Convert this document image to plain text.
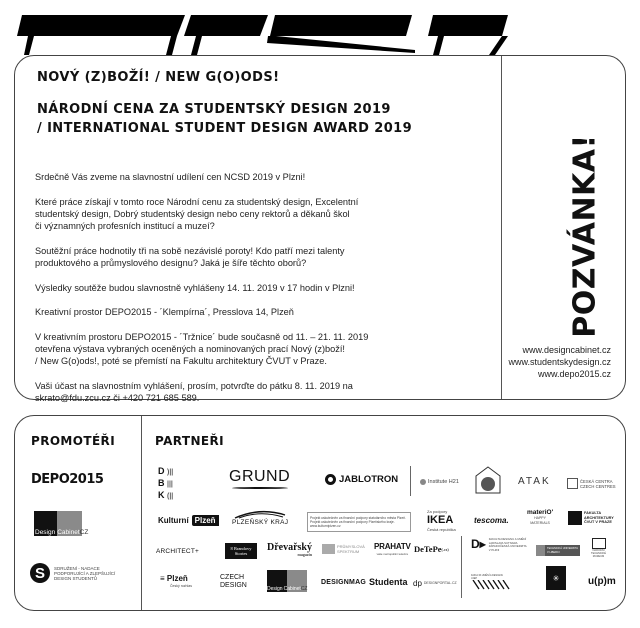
NOVÝ (Z)BOŽÍ! / NEW G(O)ODS!
NÁRODNÍ CENA ZA STUDENTSKÝ DESIGN 2019
/ INTERNATIONAL STUDENT DESIGN AWARD 2019

Srdečně Vás zveme na slavnostní udílení cen NCSD 2019 v Plzni!

Které práce získají v tomto roce Národní cenu za studentský design, Excelentní
studentský design, Dobrý studentský design nebo ceny rektorů a děkanů škol
či významných profesních institucí a muzeí?

Soutěžní práce hodnotily tři na sobě nezávislé poroty! Kdo patří mezi talenty
produktového a průmyslového designu? Jaká je šíře těchto oborů?

Výsledky soutěže budou slavnostně vyhlášeny 14. 11. 2019 v 17 hodin v Plzni!

Kreativní prostor DEPO2015 - ´Klempírna´, Presslova 14, Plzeň

V kreativním prostoru DEPO2015 - ´Tržnice´ bude současně od 11. – 21. 11. 2019
otevřena výstava vybraných oceněných a nominovaných prací Nový (z)boží!
/ New G(o)ods!, poté se přemístí na Fakultu architektury ČVUT v Praze.

Vaši účast na slavnostním vyhlášení, prosím, potvrďte do pátku 8. 11. 2019 na
skrato@fdu.zcu.cz či +420 721 685 589.

POZVÁNKA!
www.designcabinet.cz
www.studentskydesign.cz
www.depo2015.cz
PROMOTÉŘI	PARTNEŘI
DEPO2015
Design Cabinet CZ
S	SDRUŽENÍ - NADACE
PODPORUJÍCÍ A ZLEPŠUJÍCÍ
DESIGN STUDENTŮ
D )||
B |||
K (||
GRUND	JABLOTRON	Institute H21	ATAK	ČESKÁ CENTRA
CZECH CENTRES
Kulturní Plzeň	PLZEŇSKÝ KRAJ
Projekt uskutečněn za finanční podpory statutárního města Plzeň.
Projekt uskutečněn za finanční podpory Plzeňského kraje.
www.kulturniplzen.cz
Za podpory
IKEA
Česká republika
tescoma.
materiO'
HAPPY
MATERIALS
FAKULTA
ARCHITEKTURY
ČVUT V PRAZE
ARCHITECT+	8 Brandovy Stories
Dřevařský
magazín
PRŮMYSLOVÁ
SPEKTRUM
PRAHATV
vaše metropolitní televize DeTePe (.cz) D▸ FAKULTA DESIGNU A UMĚNÍ
LADISLAVA SUTNARA
ZÁPADOČESKÁ UNIVERZITA
V PLZNI	TECHNICKÁ UNIVERZITA
V LIBERCI	NÁRODNÍ
TECHNICKÉ
MUZEUM
≡ Plzeň
Český rozhlas
CZECH
DESIGN	Design Cabinet CZ
DESIGNMAG Studenta dp DESIGNPORTAL.CZ
FAKULTA UMĚNÍ A DESIGNU
UJEP	✳	u(p)m
